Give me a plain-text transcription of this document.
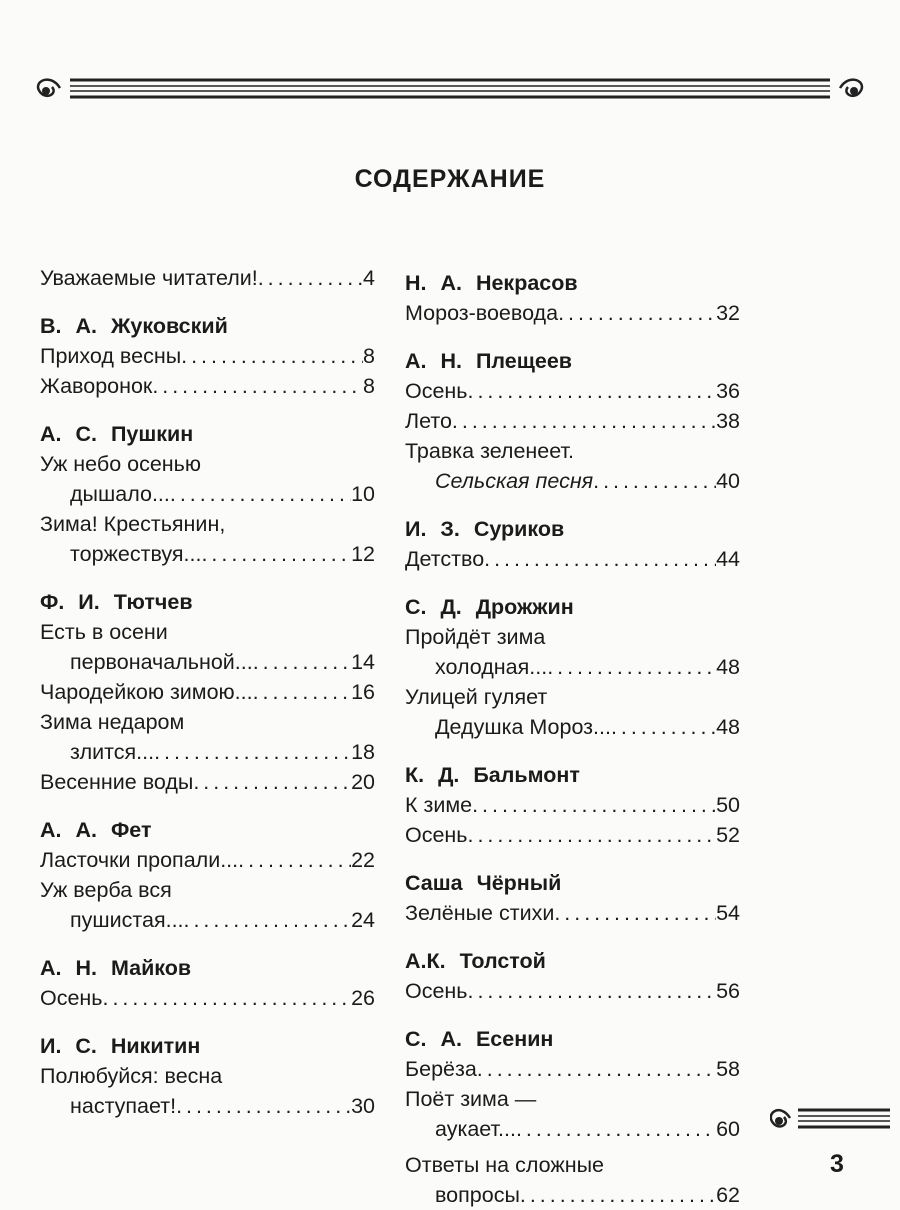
СОДЕРЖАНИЕ
Уважаемые читатели! . . .	4
В. А. Жуковский
Приход весны . . .	8
Жаворонок . . .	8
А. С. Пушкин
Уж небо осенью
дышало... . . .	10
Зима! Крестьянин,
торжествуя... . . .	12
Ф. И. Тютчев
Есть в осени
первоначальной... . . .	14
Чародейкою зимою... . . .	16
Зима недаром
злится... . . .	18
Весенние воды . . .	20
А. А. Фет
Ласточки пропали... . . .	22
Уж верба вся
пушистая... . . .	24
А. Н. Майков
Осень . . .	26
И. С. Никитин
Полюбуйся: весна
наступает! . . .	30
Н. А. Некрасов
Мороз-воевода . . .	32
А. Н. Плещеев
Осень . . .	36
Лето . . .	38
Травка зеленеет.
Сельская песня . . .	40
И. З. Суриков
Детство . . .	44
С. Д. Дрожжин
Пройдёт зима
холодная... . . .	48
Улицей гуляет
Дедушка Мороз... . . .	48
К. Д. Бальмонт
К зиме . . .	50
Осень . . .	52
Саша Чёрный
Зелёные стихи . . .	54
А.К. Толстой
Осень . . .	56
С. А. Есенин
Берёза . . .	58
Поёт зима —
аукает... . . .	60
Ответы на сложные
вопросы . . .	62
3
